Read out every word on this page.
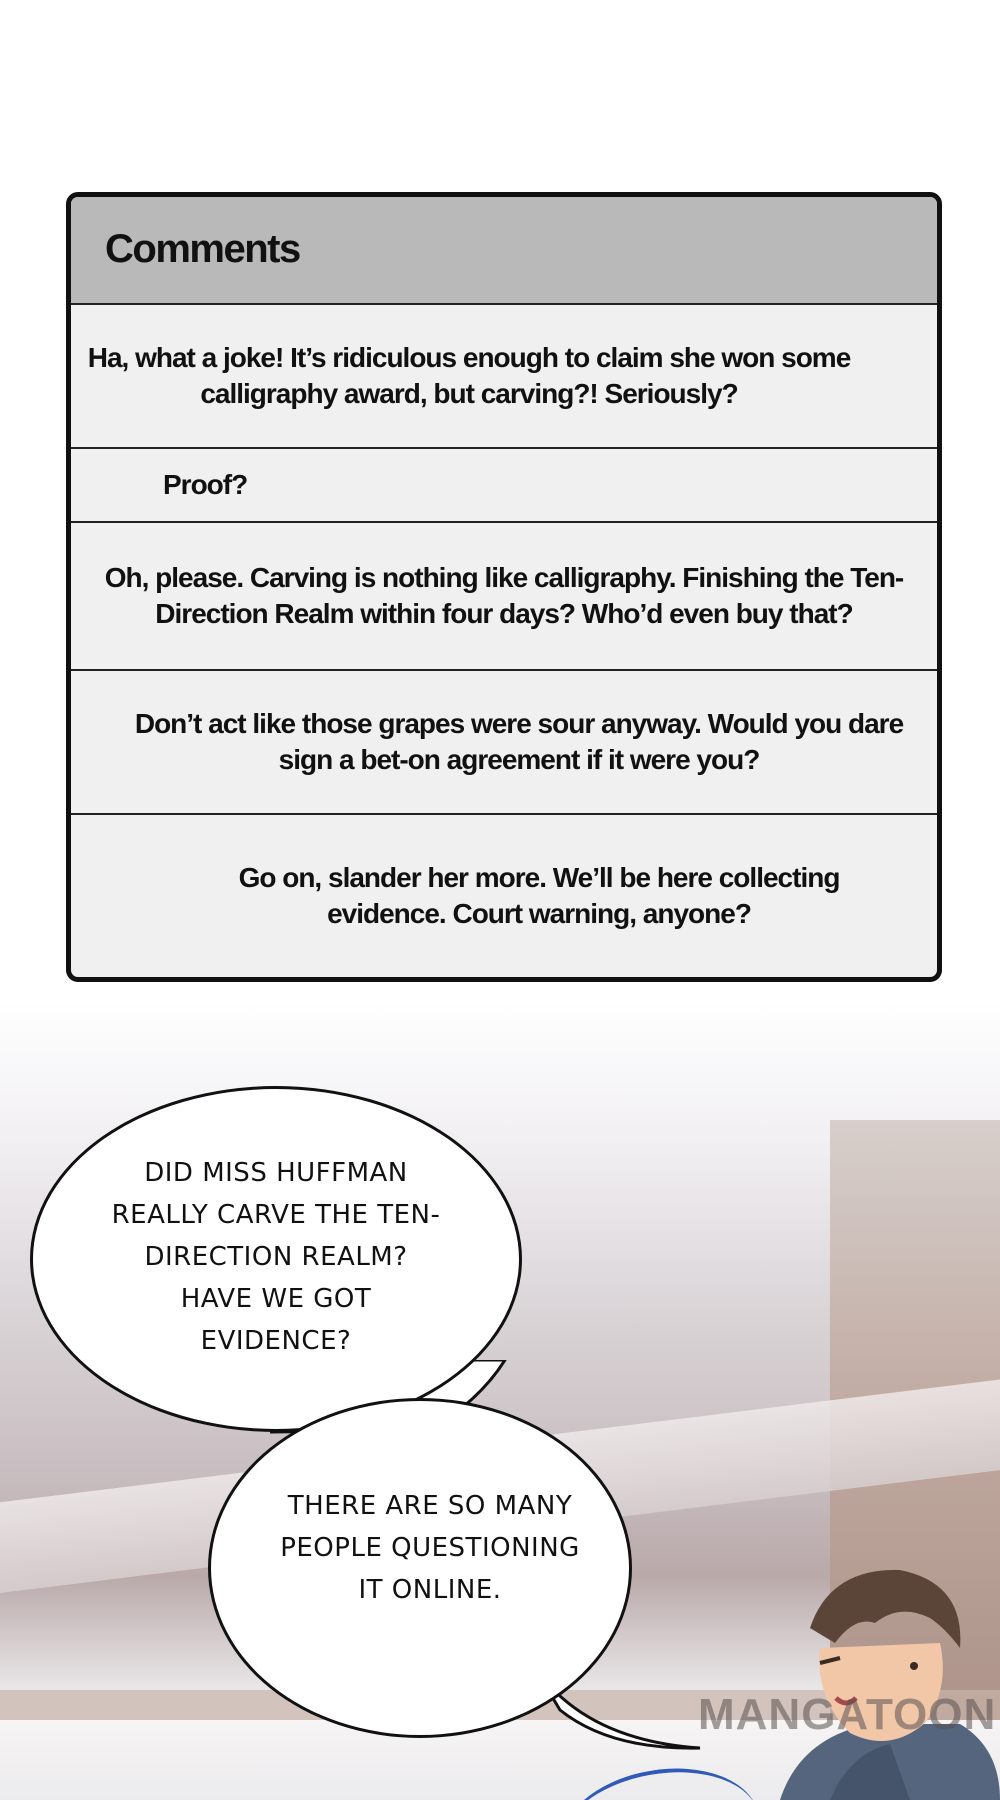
Comments
Ha, what a joke! It’s ridiculous enough to claim she won some calligraphy award, but carving?! Seriously?
Proof?
Oh, please. Carving is nothing like calligraphy. Finishing the Ten-Direction Realm within four days? Who’d even buy that?
Don’t act like those grapes were sour anyway. Would you dare sign a bet-on agreement if it were you?
Go on, slander her more. We’ll be here collecting evidence. Court warning, anyone?
DID MISS HUFFMAN REALLY CARVE THE TEN-DIRECTION REALM? HAVE WE GOT EVIDENCE?
THERE ARE SO MANY PEOPLE QUESTIONING IT ONLINE.
MANGATOON
